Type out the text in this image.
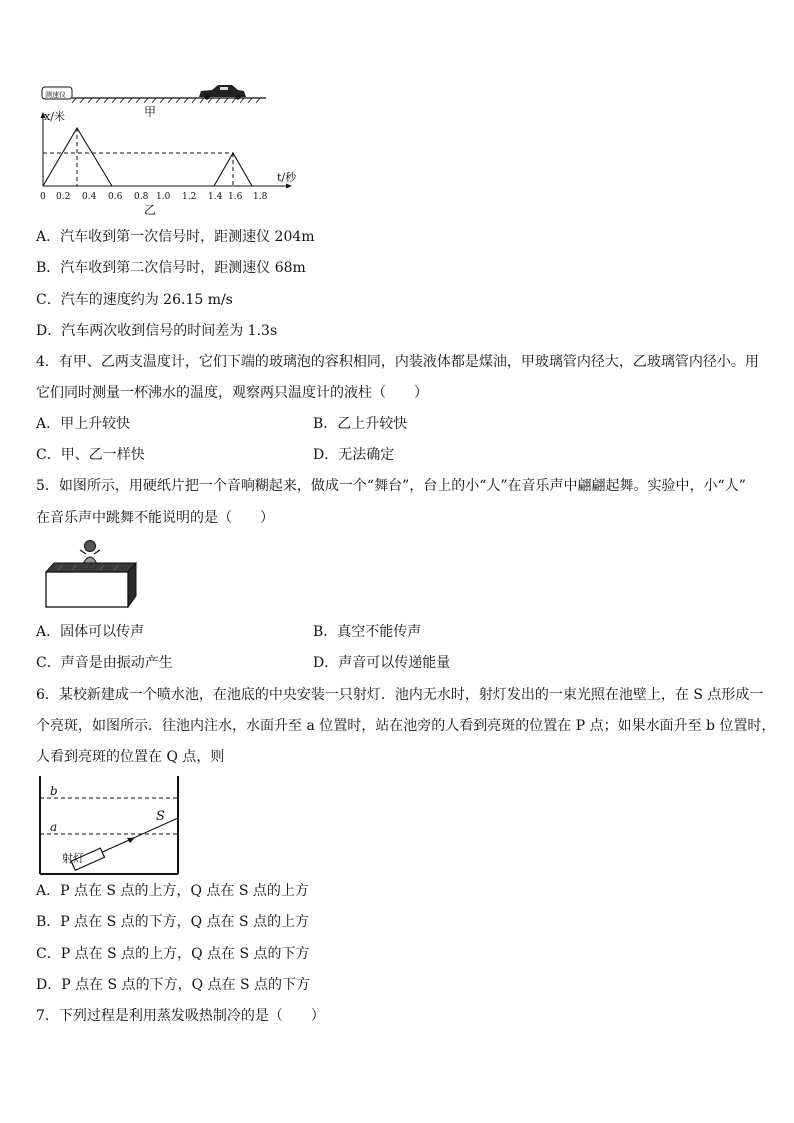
测速仪
甲
x/米
t/秒
0 0.2 0.4 0.6 0.8 1.0 1.2 1.4 1.6 1.8
乙
A．汽车收到第一次信号时，距测速仪 204m
B．汽车收到第二次信号时，距测速仪 68m
C．汽车的速度约为 26.15 m/s
D．汽车两次收到信号的时间差为 1.3s
4．有甲、乙两支温度计，它们下端的玻璃泡的容积相同，内装液体都是煤油，甲玻璃管内径大，乙玻璃管内径小。用
它们同时测量一杯沸水的温度，观察两只温度计的液柱（　　）
A．甲上升较快	B．乙上升较快
C．甲、乙一样快	D．无法确定
5．如图所示，用硬纸片把一个音响糊起来，做成一个“舞台”，台上的小“人”在音乐声中翩翩起舞。实验中，小“人”
在音乐声中跳舞不能说明的是（　　）
A．固体可以传声	B．真空不能传声
C．声音是由振动产生	D．声音可以传递能量
6．某校新建成一个喷水池，在池底的中央安装一只射灯．池内无水时，射灯发出的一束光照在池壁上，在 S 点形成一
个亮斑，如图所示．往池内注水，水面升至 a 位置时，站在池旁的人看到亮斑的位置在 P 点；如果水面升至 b 位置时，
人看到亮斑的位置在 Q 点，则
b
a
S
射灯
A．P 点在 S 点的上方，Q 点在 S 点的上方
B．P 点在 S 点的下方，Q 点在 S 点的上方
C．P 点在 S 点的上方，Q 点在 S 点的下方
D．P 点在 S 点的下方，Q 点在 S 点的下方
7．下列过程是利用蒸发吸热制冷的是（　　）
